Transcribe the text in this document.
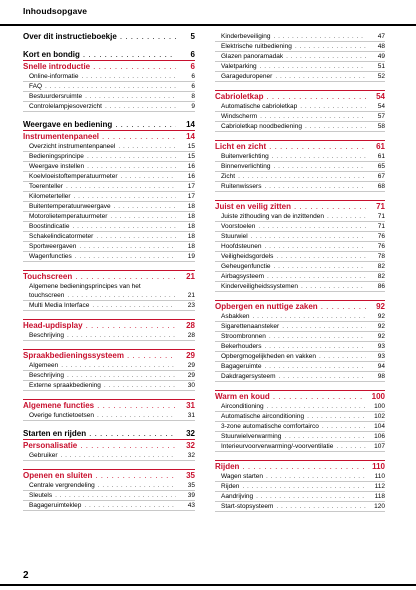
Inhoudsopgave
Over dit instructieboekje . . .	5
Kort en bondig . . .	6
Snelle introductie . . .	6
Online-informatie . . .	6
FAQ . . .	6
Bestuurdersruimte . . .	8
Controlelampjesoverzicht . . .	9
Weergave en bediening . . .	14
Instrumentenpaneel . . .	14
Overzicht instrumentenpaneel . . .	15
Bedieningsprincipe . . .	15
Weergave instellen . . .	16
Koelvloeistoftemperatuurmeter . . .	16
Toerenteller . . .	17
Kilometerteller . . .	17
Buitentemperatuurweergave . . .	18
Motorolietemperatuurmeter . . .	18
Boostindicatie . . .	18
Schakelindicatormeter . . .	18
Sportweergaven . . .	18
Wagenfuncties . . .	19
Touchscreen . . .	21
Algemene bedieningsprincipes van het
touchscreen . . .	21
Multi Media Interface . . .	23
Head-updisplay . . .	28
Beschrijving . . .	28
Spraakbedieningssysteem . . .	29
Algemeen . . .	29
Beschrijving . . .	29
Externe spraakbediening . . .	30
Algemene functies . . .	31
Overige functietoetsen . . .	31
Starten en rijden . . .	32
Personalisatie . . .	32
Gebruiker . . .	32
Openen en sluiten . . .	35
Centrale vergrendeling . . .	35
Sleutels . . .	39
Bagageruimteklep . . .	43
Kinderbeveiliging . . .	47
Elektrische ruitbediening . . .	48
Glazen panoramadak . . .	49
Valetparking . . .	51
Garageduropener . . .	52
Cabrioletkap . . .	54
Automatische cabrioletkap . . .	54
Windscherm . . .	57
Cabrioletkap noodbediening . . .	58
Licht en zicht . . .	61
Buitenverlichting . . .	61
Binnenverlichting . . .	65
Zicht . . .	67
Ruitenwissers . . .	68
Juist en veilig zitten . . .	71
Juiste zithouding van de inzittenden . . .	71
Voorstoelen . . .	71
Stuurwiel . . .	76
Hoofdsteunen . . .	76
Veiligheidsgordels . . .	78
Geheugenfunctie . . .	82
Airbagsysteem . . .	82
Kinderveiligheidssystemen . . .	86
Opbergen en nuttige zaken . . .	92
Asbakken . . .	92
Sigarettenaansteker . . .	92
Stroombronnen . . .	92
Bekerhouders . . .	93
Opbergmogelijkheden en vakken . . .	93
Bagageruimte . . .	94
Dakdragersysteem . . .	98
Warm en koud . . .	100
Airconditioning . . .	100
Automatische airconditioning . . .	102
3-zone automatische comfortairco . . .	104
Stuurwielverwarming . . .	106
Interieurvoorverwarming/-voorventilatie . . .	107
Rijden . . .	110
Wagen starten . . .	110
Rijden . . .	112
Aandrijving . . .	118
Start-stopsysteem . . .	120
2
